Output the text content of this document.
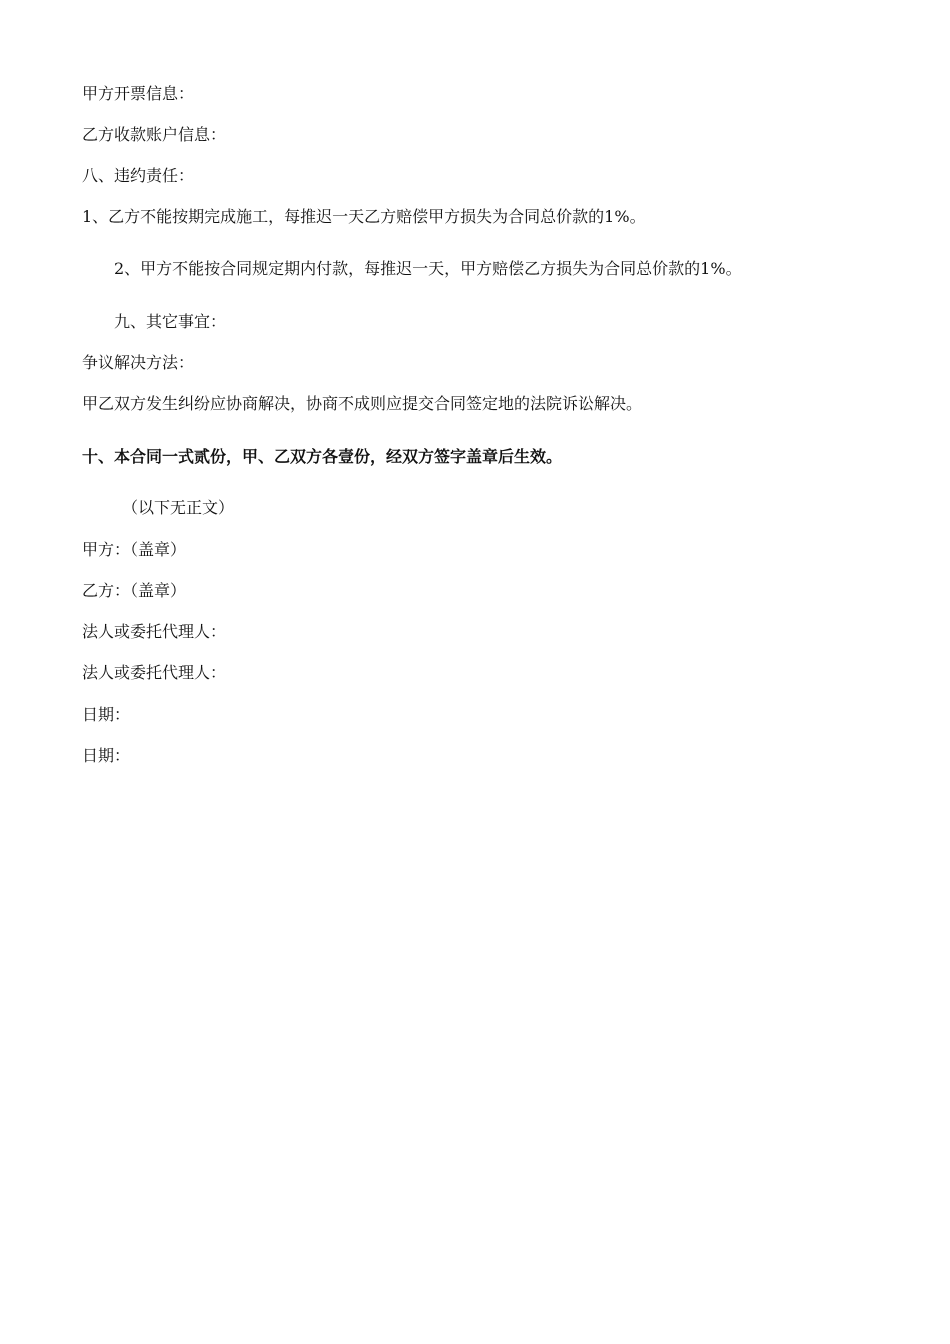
甲方开票信息：
乙方收款账户信息：
八、违约责任：
1、乙方不能按期完成施工，每推迟一天乙方赔偿甲方损失为合同总价款的1%。
2、甲方不能按合同规定期内付款，每推迟一天，甲方赔偿乙方损失为合同总价款的1%。
九、其它事宜：
争议解决方法：
甲乙双方发生纠纷应协商解决，协商不成则应提交合同签定地的法院诉讼解决。
十、本合同一式贰份，甲、乙双方各壹份，经双方签字盖章后生效。
（以下无正文）
甲方：（盖章）
乙方：（盖章）
法人或委托代理人：
法人或委托代理人：
日期：
日期：
